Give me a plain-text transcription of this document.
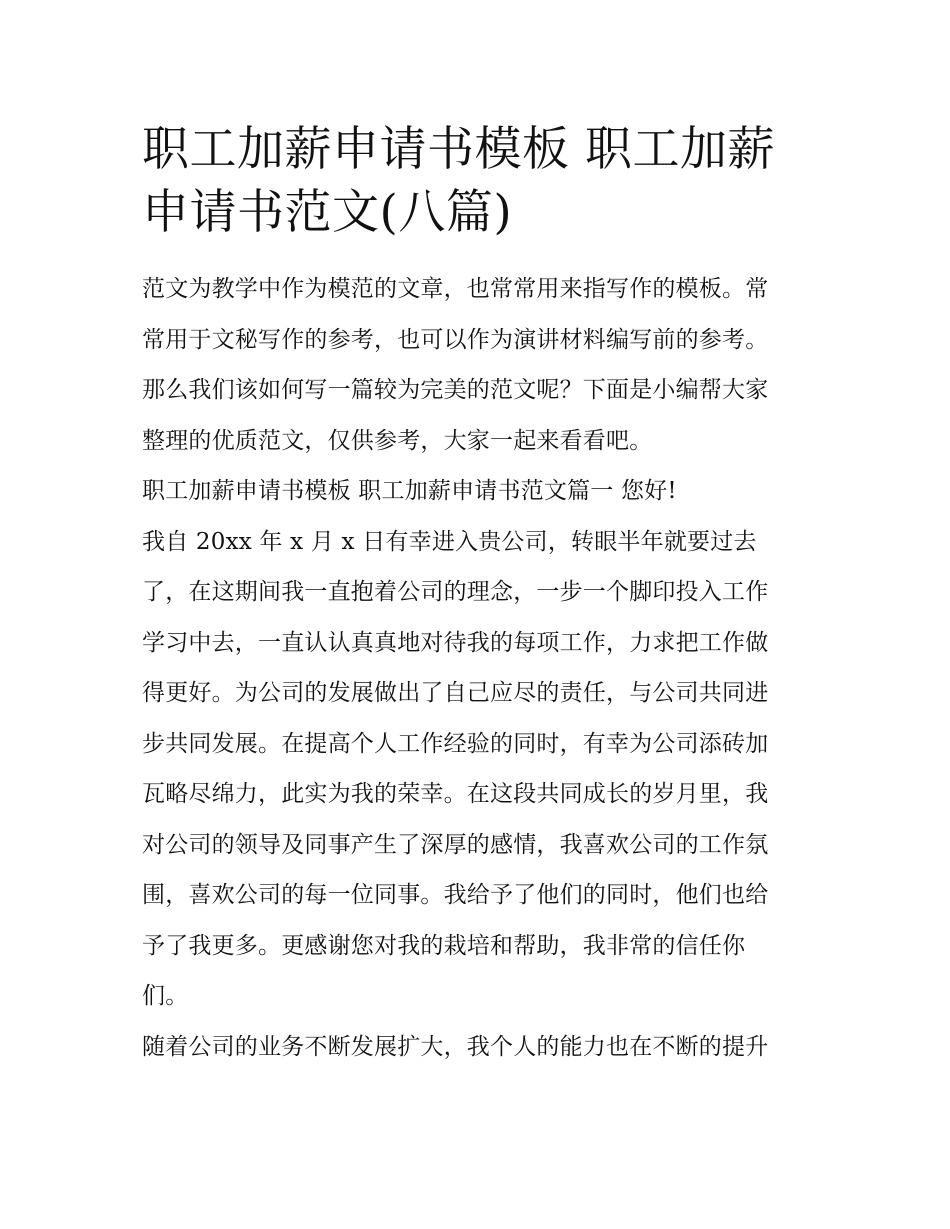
职工加薪申请书模板 职工加薪
申请书范文(八篇)
范文为教学中作为模范的文章，也常常用来指写作的模板。常
常用于文秘写作的参考，也可以作为演讲材料编写前的参考。
那么我们该如何写一篇较为完美的范文呢？下面是小编帮大家
整理的优质范文，仅供参考，大家一起来看看吧。
职工加薪申请书模板 职工加薪申请书范文篇一 您好!
我自 20xx 年 x 月 x 日有幸进入贵公司，转眼半年就要过去
了，在这期间我一直抱着公司的理念，一步一个脚印投入工作
学习中去，一直认认真真地对待我的每项工作，力求把工作做
得更好。为公司的发展做出了自己应尽的责任，与公司共同进
步共同发展。在提高个人工作经验的同时，有幸为公司添砖加
瓦略尽绵力，此实为我的荣幸。在这段共同成长的岁月里，我
对公司的领导及同事产生了深厚的感情，我喜欢公司的工作氛
围，喜欢公司的每一位同事。我给予了他们的同时，他们也给
予了我更多。更感谢您对我的栽培和帮助，我非常的信任你
们。
随着公司的业务不断发展扩大，我个人的能力也在不断的提升
